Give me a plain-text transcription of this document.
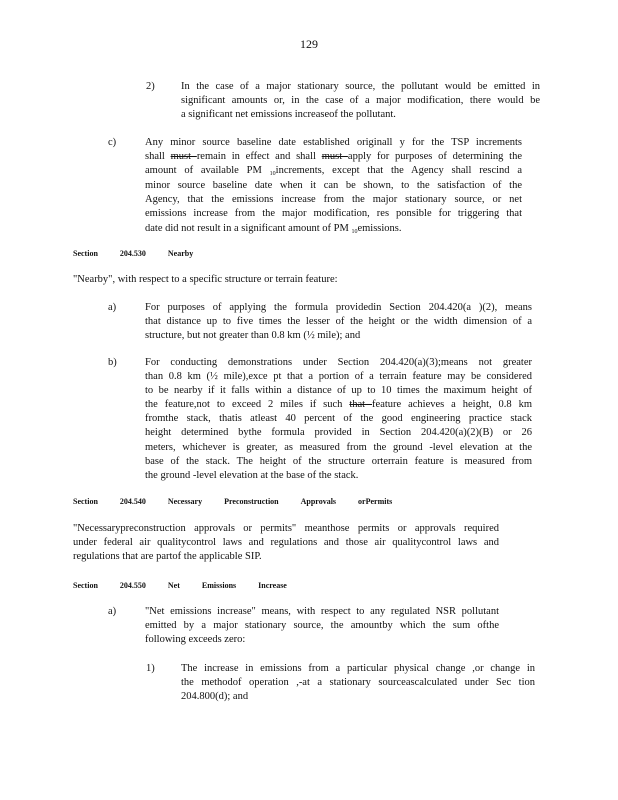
129
2)	In the case of a major stationary source, the pollutant would be emitted in
significant amounts or, in the case of a major modification, there would be
a significant net emissions increaseof the pollutant.
c)	Any minor source baseline date established originall y for the TSP increments
shall must remain in effect and shall must apply for purposes of determining the
amount of available PM $_{10}$increments, except that the Agency shall rescind a
minor source baseline date when it can be shown, to the satisfaction of the
Agency, that the emissions increase from the major stationary source, or net
emissions increase from the major modification, res ponsible for triggering that
date did not result in a significant amount of PM $_{10}$emissions.
Section	204.530	Nearby
"Nearby", with respect to a specific structure or terrain feature:
a)	For purposes of applying the formula providedin Section 204.420(a )(2), means
that distance up to five times the lesser of the height or the width dimension of a
structure, but not greater than 0.8 km (½ mile); and
b)	For conducting demonstrations under Section 204.420(a)(3);means not greater
than 0.8 km (½ mile),exce pt that a portion of a terrain feature may be considered
to be nearby if it falls within a distance of up to 10 times the maximum height of
the feature,not to exceed 2 miles if such that feature achieves a height, 0.8 km
fromthe stack, thatis atleast 40 percent of the good engineering practice stack
height determined bythe formula provided in Section 204.420(a)(2)(B) or 26
meters, whichever is greater, as measured from the ground -level elevation at the
base of the stack. The height of the structure orterrain feature is measured from
the ground -level elevation at the base of the stack.
Section	204.540	Necessary	Preconstruction	Approvals	orPermits
"Necessarypreconstruction approvals or permits" meanthose permits or approvals required
under federal air qualitycontrol laws and regulations and those air qualitycontrol laws and
regulations that are partof the applicable SIP.
Section	204.550	Net	Emissions	Increase
a)	"Net emissions increase" means, with respect to any regulated NSR pollutant
emitted by a major stationary source, the amountby which the sum ofthe
following exceeds zero:
1)	The increase in emissions from a particular physical change ,or change in
the methodof operation ,-at a stationary sourceascalculated under Sec tion
204.800(d); and
